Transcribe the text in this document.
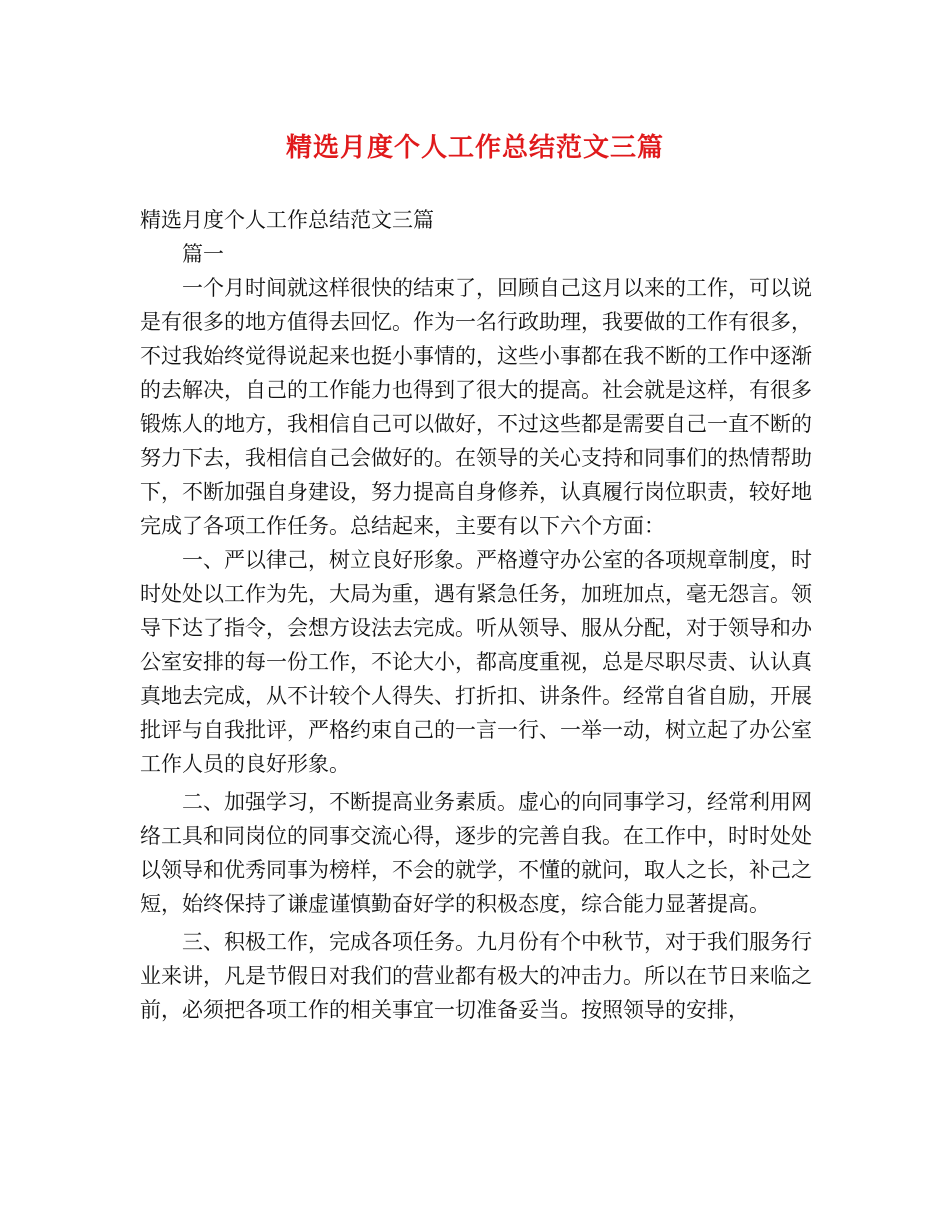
精选月度个人工作总结范文三篇

精选月度个人工作总结范文三篇

篇一

一个月时间就这样很快的结束了，回顾自己这月以来的工作，可以说是有很多的地方值得去回忆。作为一名行政助理，我要做的工作有很多，不过我始终觉得说起来也挺小事情的，这些小事都在我不断的工作中逐渐的去解决，自己的工作能力也得到了很大的提高。社会就是这样，有很多锻炼人的地方，我相信自己可以做好，不过这些都是需要自己一直不断的努力下去，我相信自己会做好的。在领导的关心支持和同事们的热情帮助下，不断加强自身建设，努力提高自身修养，认真履行岗位职责，较好地完成了各项工作任务。总结起来，主要有以下六个方面：

一、严以律己，树立良好形象。严格遵守办公室的各项规章制度，时时处处以工作为先，大局为重，遇有紧急任务，加班加点，毫无怨言。领导下达了指令，会想方设法去完成。听从领导、服从分配，对于领导和办公室安排的每一份工作，不论大小，都高度重视，总是尽职尽责、认认真真地去完成，从不计较个人得失、打折扣、讲条件。经常自省自励，开展批评与自我批评，严格约束自己的一言一行、一举一动，树立起了办公室工作人员的良好形象。

二、加强学习，不断提高业务素质。虚心的向同事学习，经常利用网络工具和同岗位的同事交流心得，逐步的完善自我。在工作中，时时处处以领导和优秀同事为榜样，不会的就学，不懂的就问，取人之长，补己之短，始终保持了谦虚谨慎勤奋好学的积极态度，综合能力显著提高。

三、积极工作，完成各项任务。九月份有个中秋节，对于我们服务行业来讲，凡是节假日对我们的营业都有极大的冲击力。所以在节日来临之前，必须把各项工作的相关事宜一切准备妥当。按照领导的安排，
